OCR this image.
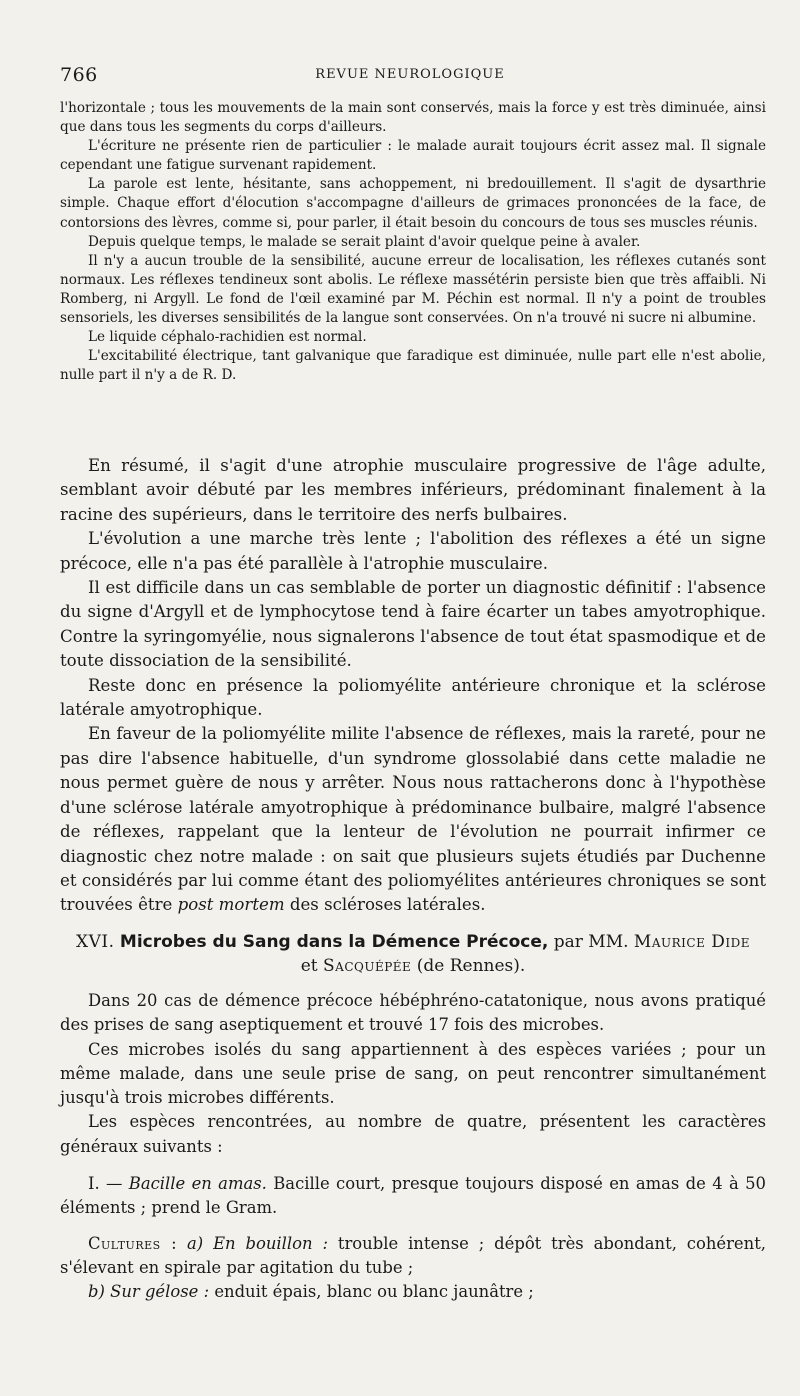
766	REVUE NEUROLOGIQUE

l'horizontale ; tous les mouvements de la main sont conservés, mais la force y est très diminuée, ainsi que dans tous les segments du corps d'ailleurs.

L'écriture ne présente rien de particulier : le malade aurait toujours écrit assez mal. Il signale cependant une fatigue survenant rapidement.

La parole est lente, hésitante, sans achoppement, ni bredouillement. Il s'agit de dysarthrie simple. Chaque effort d'élocution s'accompagne d'ailleurs de grimaces prononcées de la face, de contorsions des lèvres, comme si, pour parler, il était besoin du concours de tous ses muscles réunis.

Depuis quelque temps, le malade se serait plaint d'avoir quelque peine à avaler.

Il n'y a aucun trouble de la sensibilité, aucune erreur de localisation, les réflexes cutanés sont normaux. Les réflexes tendineux sont abolis. Le réflexe massétérin persiste bien que très affaibli. Ni Romberg, ni Argyll. Le fond de l'œil examiné par M. Péchin est normal. Il n'y a point de troubles sensoriels, les diverses sensibilités de la langue sont conservées. On n'a trouvé ni sucre ni albumine.

Le liquide céphalo-rachidien est normal.

L'excitabilité électrique, tant galvanique que faradique est diminuée, nulle part elle n'est abolie, nulle part il n'y a de R. D.

En résumé, il s'agit d'une atrophie musculaire progressive de l'âge adulte, semblant avoir débuté par les membres inférieurs, prédominant finalement à la racine des supérieurs, dans le territoire des nerfs bulbaires.

L'évolution a une marche très lente ; l'abolition des réflexes a été un signe précoce, elle n'a pas été parallèle à l'atrophie musculaire.

Il est difficile dans un cas semblable de porter un diagnostic définitif : l'absence du signe d'Argyll et de lymphocytose tend à faire écarter un tabes amyotrophique. Contre la syringomyélie, nous signalerons l'absence de tout état spasmodique et de toute dissociation de la sensibilité.

Reste donc en présence la poliomyélite antérieure chronique et la sclérose latérale amyotrophique.

En faveur de la poliomyélite milite l'absence de réflexes, mais la rareté, pour ne pas dire l'absence habituelle, d'un syndrome glossolabié dans cette maladie ne nous permet guère de nous y arrêter. Nous nous rattacherons donc à l'hypothèse d'une sclérose latérale amyotrophique à prédominance bulbaire, malgré l'absence de réflexes, rappelant que la lenteur de l'évolution ne pourrait infirmer ce diagnostic chez notre malade : on sait que plusieurs sujets étudiés par Duchenne et considérés par lui comme étant des poliomyélites antérieures chroniques se sont trouvées être post mortem des scléroses latérales.

XVI. Microbes du Sang dans la Démence Précoce, par MM. Maurice Dide
et Sacquépée (de Rennes).

Dans 20 cas de démence précoce hébéphréno-catatonique, nous avons pratiqué des prises de sang aseptiquement et trouvé 17 fois des microbes.

Ces microbes isolés du sang appartiennent à des espèces variées ; pour un même malade, dans une seule prise de sang, on peut rencontrer simultanément jusqu'à trois microbes différents.

Les espèces rencontrées, au nombre de quatre, présentent les caractères généraux suivants :

I. — Bacille en amas. Bacille court, presque toujours disposé en amas de 4 à 50 éléments ; prend le Gram.

Cultures : a) En bouillon : trouble intense ; dépôt très abondant, cohérent, s'élevant en spirale par agitation du tube ;

b) Sur gélose : enduit épais, blanc ou blanc jaunâtre ;
